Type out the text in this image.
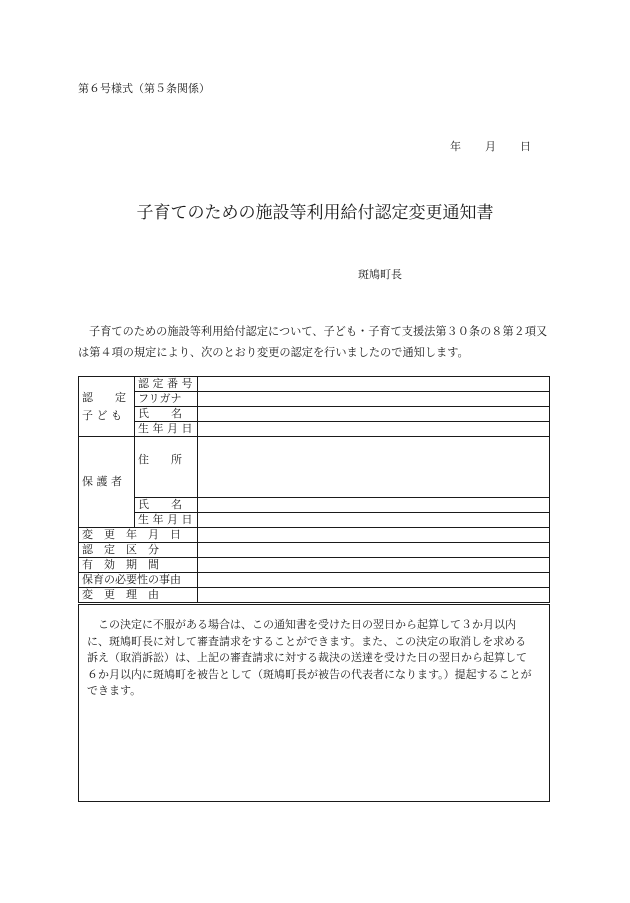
第６号様式（第５条関係）
年 月 日
子育てのための施設等利用給付認定変更通知書
斑鳩町長

子育てのための施設等利用給付認定について、子ども・子育て支援法第３０条の８第２項又は第４項の規定により、次のとおり変更の認定を行いましたので通知します。

認　　定
子 ど も	認 定 番 号	
	フリガナ	
	氏　　名	
	生 年 月 日	
保 護 者	住　　所	
	氏　　名	
	生 年 月 日	
変　更　年　月　日		
認　定　区　分		
有　効　期　間		
保育の必要性の事由		
変　更　理　由		

この決定に不服がある場合は、この通知書を受けた日の翌日から起算して３か月以内に、斑鳩町長に対して審査請求をすることができます。また、この決定の取消しを求める訴え（取消訴訟）は、上記の審査請求に対する裁決の送達を受けた日の翌日から起算して６か月以内に斑鳩町を被告として（斑鳩町長が被告の代表者になります。）提起することができます。
